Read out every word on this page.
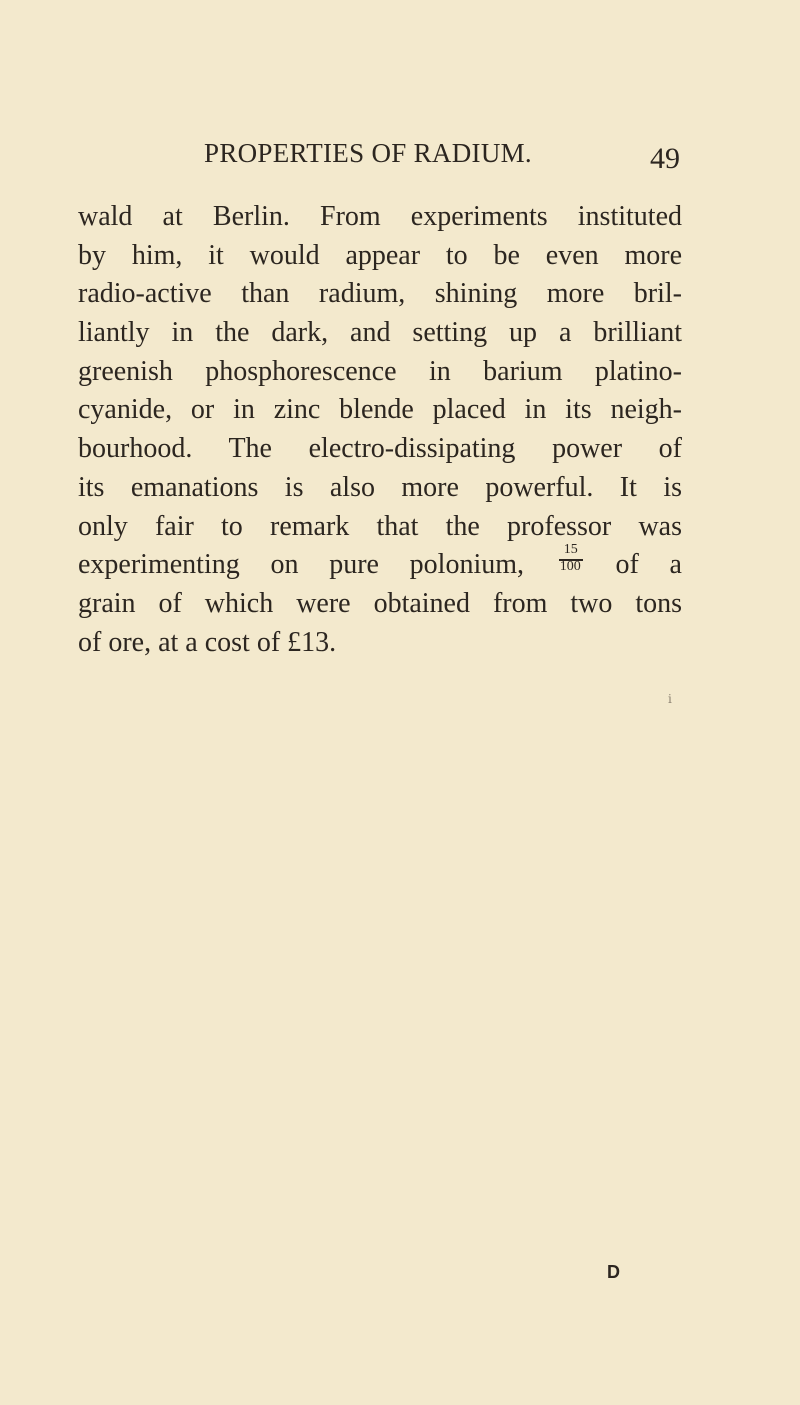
PROPERTIES OF RADIUM.	49
wald at Berlin. From experiments instituted
by him, it would appear to be even more
radio-active than radium, shining more bril-
liantly in the dark, and setting up a brilliant
greenish phosphorescence in barium platino-
cyanide, or in zinc blende placed in its neigh-
bourhood. The electro-dissipating power of
its emanations is also more powerful. It is
only fair to remark that the professor was
experimenting on pure polonium, $\frac{15}{100}$ of a
grain of which were obtained from two tons
of ore, at a cost of £13.
ⅰ
D
